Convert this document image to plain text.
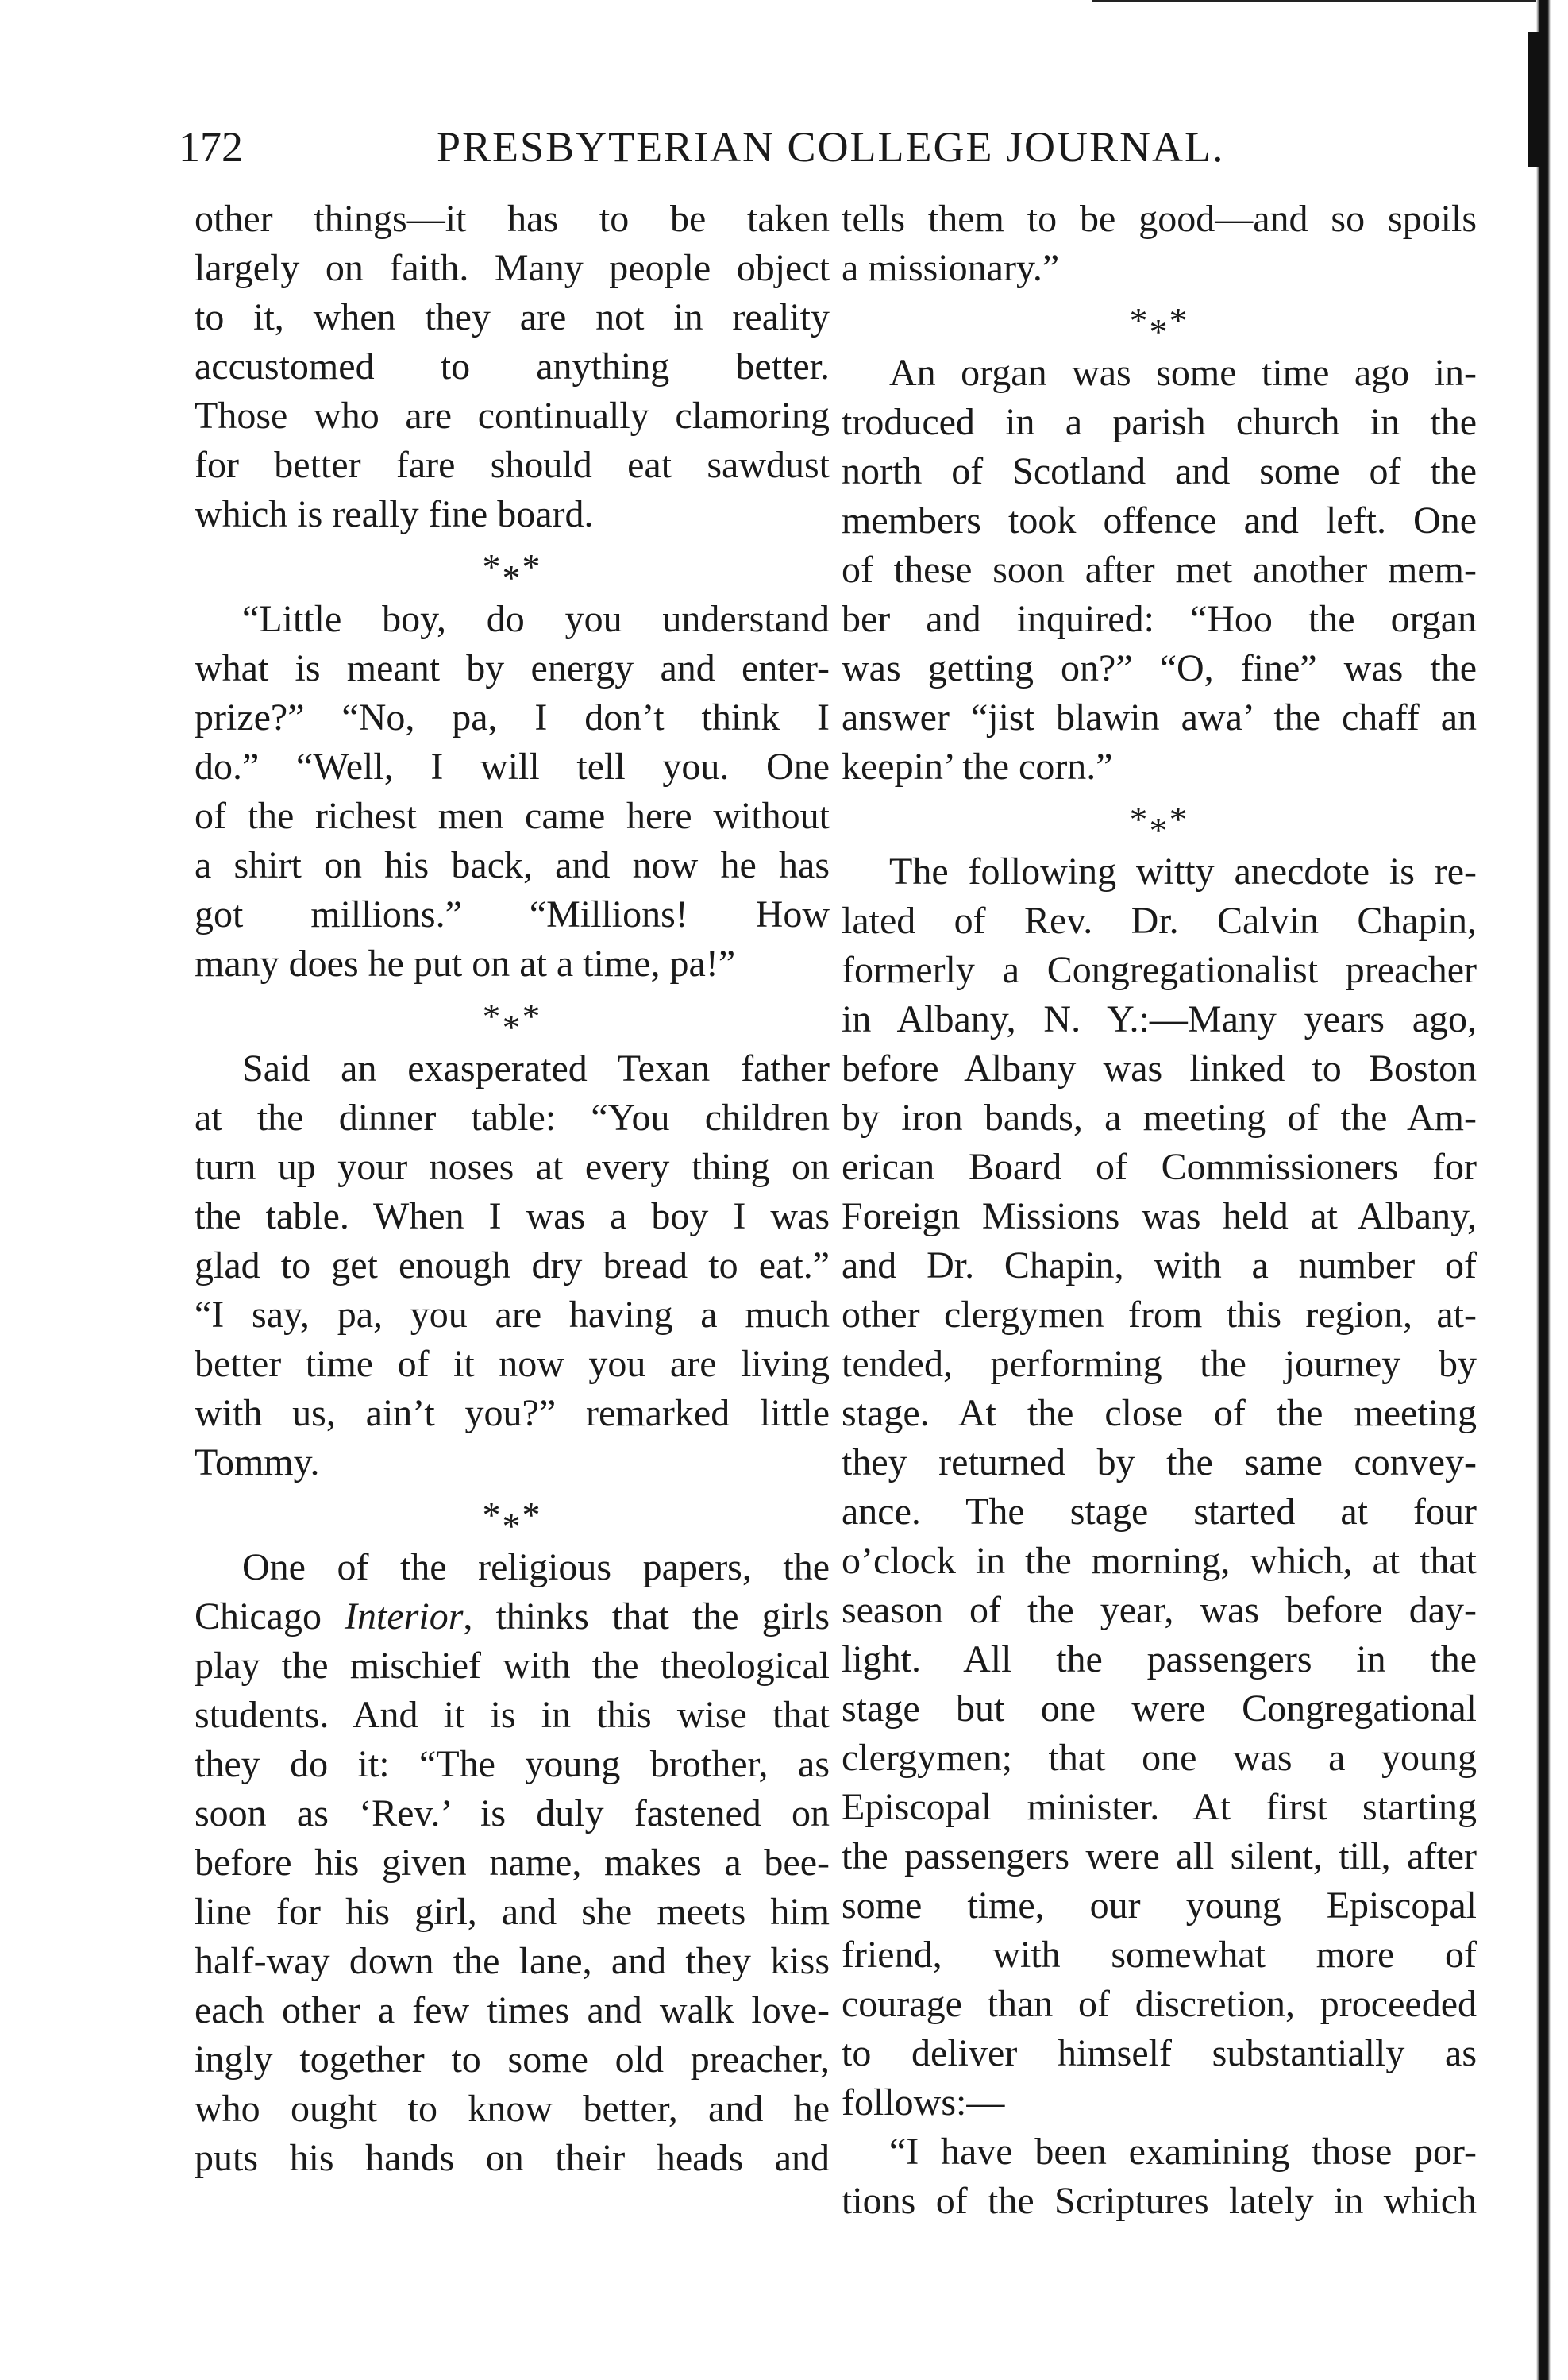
172	PRESBYTERIAN COLLEGE JOURNAL.
other things—it has to be taken
largely on faith. Many people object
to it, when they are not in reality
accustomed to anything better.
Those who are continually clamoring
for better fare should eat sawdust
which is really fine board.
***
“Little boy, do you understand
what is meant by energy and enter-
prize?” “No, pa, I don’t think I
do.” “Well, I will tell you. One
of the richest men came here without
a shirt on his back, and now he has
got millions.” “Millions! How
many does he put on at a time, pa!”
***
Said an exasperated Texan father
at the dinner table: “You children
turn up your noses at every thing on
the table. When I was a boy I was
glad to get enough dry bread to eat.”
“I say, pa, you are having a much
better time of it now you are living
with us, ain’t you?” remarked little
Tommy.
***
One of the religious papers, the
Chicago Interior, thinks that the girls
play the mischief with the theological
students. And it is in this wise that
they do it: “The young brother, as
soon as ‘Rev.’ is duly fastened on
before his given name, makes a bee-
line for his girl, and she meets him
half-way down the lane, and they kiss
each other a few times and walk love-
ingly together to some old preacher,
who ought to know better, and he
puts his hands on their heads and
tells them to be good—and so spoils
a missionary.”
***
An organ was some time ago in-
troduced in a parish church in the
north of Scotland and some of the
members took offence and left. One
of these soon after met another mem-
ber and inquired: “Hoo the organ
was getting on?” “O, fine” was the
answer “jist blawin awa’ the chaff an
keepin’ the corn.”
***
The following witty anecdote is re-
lated of Rev. Dr. Calvin Chapin,
formerly a Congregationalist preacher
in Albany, N. Y.:—Many years ago,
before Albany was linked to Boston
by iron bands, a meeting of the Am-
erican Board of Commissioners for
Foreign Missions was held at Albany,
and Dr. Chapin, with a number of
other clergymen from this region, at-
tended, performing the journey by
stage. At the close of the meeting
they returned by the same convey-
ance. The stage started at four
o’clock in the morning, which, at that
season of the year, was before day-
light. All the passengers in the
stage but one were Congregational
clergymen; that one was a young
Episcopal minister. At first starting
the passengers were all silent, till, after
some time, our young Episcopal
friend, with somewhat more of
courage than of discretion, proceeded
to deliver himself substantially as
follows:—
“I have been examining those por-
tions of the Scriptures lately in which
